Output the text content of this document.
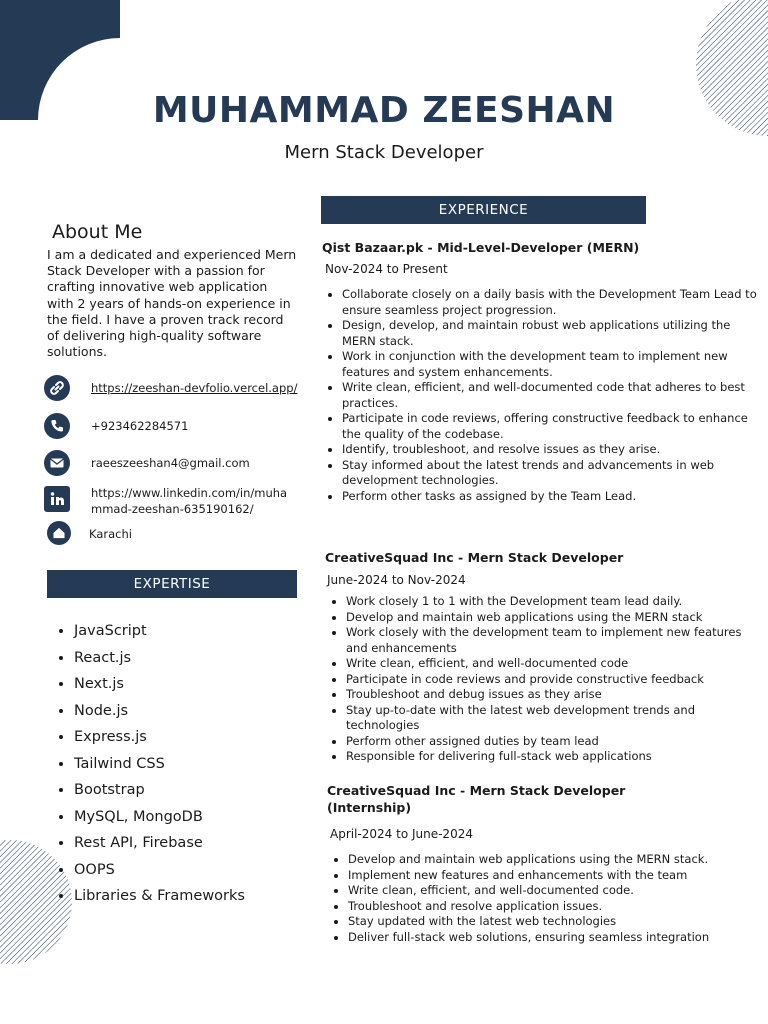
MUHAMMAD ZEESHAN
Mern Stack Developer
About Me
I am a dedicated and experienced Mern Stack Developer with a passion for crafting innovative web application with 2 years of hands-on experience in the field. I have a proven track record of delivering high-quality software solutions.
https://zeeshan-devfolio.vercel.app/
+923462284571
raeeszeeshan4@gmail.com
https://www.linkedin.com/in/muhammad-zeeshan-635190162/
Karachi
EXPERTISE
• JavaScript
• React.js
• Next.js
• Node.js
• Express.js
• Tailwind CSS
• Bootstrap
• MySQL, MongoDB
• Rest API, Firebase
• OOPS
• Libraries & Frameworks
EXPERIENCE
Qist Bazaar.pk - Mid-Level-Developer (MERN)
Nov-2024 to Present
• Collaborate closely on a daily basis with the Development Team Lead to ensure seamless project progression.
• Design, develop, and maintain robust web applications utilizing the MERN stack.
• Work in conjunction with the development team to implement new features and system enhancements.
• Write clean, efficient, and well-documented code that adheres to best practices.
• Participate in code reviews, offering constructive feedback to enhance the quality of the codebase.
• Identify, troubleshoot, and resolve issues as they arise.
• Stay informed about the latest trends and advancements in web development technologies.
• Perform other tasks as assigned by the Team Lead.
CreativeSquad Inc - Mern Stack Developer
June-2024 to Nov-2024
• Work closely 1 to 1 with the Development team lead daily.
• Develop and maintain web applications using the MERN stack
• Work closely with the development team to implement new features and enhancements
• Write clean, efficient, and well-documented code
• Participate in code reviews and provide constructive feedback
• Troubleshoot and debug issues as they arise
• Stay up-to-date with the latest web development trends and technologies
• Perform other assigned duties by team lead
• Responsible for delivering full-stack web applications
CreativeSquad Inc - Mern Stack Developer (Internship)
April-2024 to June-2024
• Develop and maintain web applications using the MERN stack.
• Implement new features and enhancements with the team
• Write clean, efficient, and well-documented code.
• Troubleshoot and resolve application issues.
• Stay updated with the latest web technologies
• Deliver full-stack web solutions, ensuring seamless integration
